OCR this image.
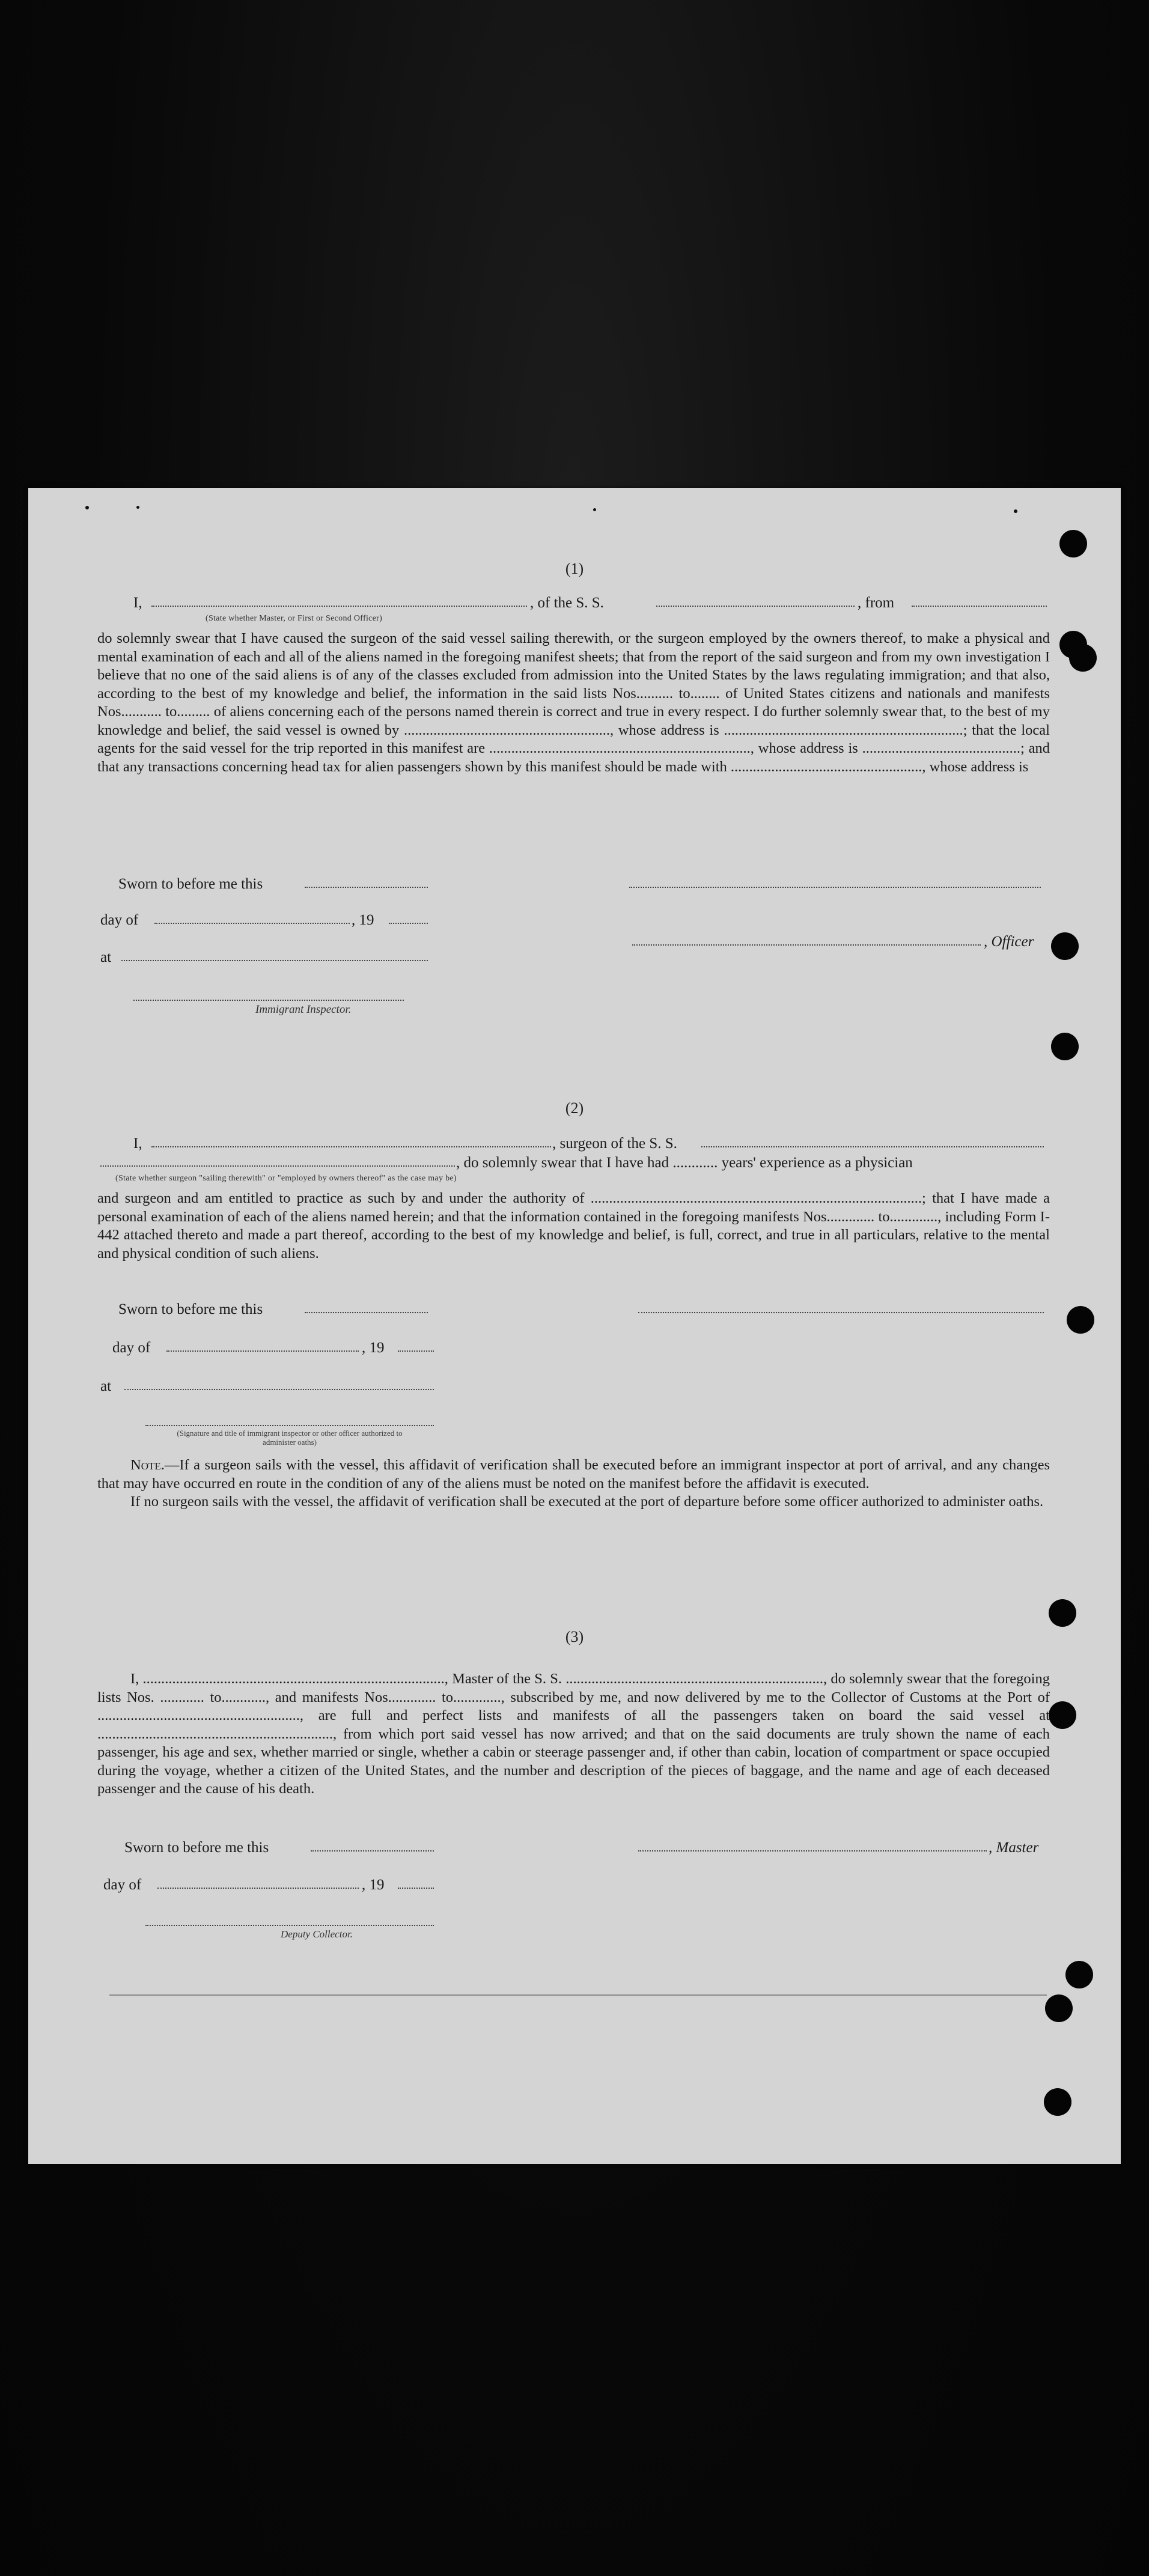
(1)
I,	, of the S. S.	, from
(State whether Master, or First or Second Officer)

do solemnly swear that I have caused the surgeon of the said vessel sailing therewith, or the surgeon employed by the owners thereof, to make a physical and mental examination of each and all of the aliens named in the foregoing manifest sheets; that from the report of the said surgeon and from my own investigation I believe that no one of the said aliens is of any of the classes excluded from admission into the United States by the laws regulating immigration; and that also, according to the best of my knowledge and belief, the information in the said lists Nos.......... to........ of United States citizens and nationals and manifests Nos........... to......... of aliens concerning each of the persons named therein is correct and true in every respect. I do further solemnly swear that, to the best of my knowledge and belief, the said vessel is owned by ........................................................, whose address is .................................................................; that the local agents for the said vessel for the trip reported in this manifest are ......................................................................., whose address is ...........................................; and that any transactions concerning head tax for alien passengers shown by this manifest should be made with ...................................................., whose address is

Sworn to before me this
day of	, 19
, Officer
at
Immigrant Inspector.
(2)
I,	, surgeon of the S. S.
, do solemnly swear that I have had ............ years' experience as a physician
(State whether surgeon "sailing therewith" or "employed by owners thereof" as the case may be)

and surgeon and am entitled to practice as such by and under the authority of ..........................................................................................; that I have made a personal examination of each of the aliens named herein; and that the information contained in the foregoing manifests Nos............. to............., including Form I-442 attached thereto and made a part thereof, according to the best of my knowledge and belief, is full, correct, and true in all particulars, relative to the mental and physical condition of such aliens.

Sworn to before me this
day of	, 19
at
(Signature and title of immigrant inspector or other officer authorized to administer oaths)

Note.—If a surgeon sails with the vessel, this affidavit of verification shall be executed before an immigrant inspector at port of arrival, and any changes that may have occurred en route in the condition of any of the aliens must be noted on the manifest before the affidavit is executed.

If no surgeon sails with the vessel, the affidavit of verification shall be executed at the port of departure before some officer authorized to administer oaths.

(3)

I, .................................................................................., Master of the S. S. ......................................................................, do solemnly swear that the foregoing lists Nos. ............ to............, and manifests Nos............. to............., subscribed by me, and now delivered by me to the Collector of Customs at the Port of ......................................................., are full and perfect lists and manifests of all the passengers taken on board the said vessel at ................................................................, from which port said vessel has now arrived; and that on the said documents are truly shown the name of each passenger, his age and sex, whether married or single, whether a cabin or steerage passenger and, if other than cabin, location of compartment or space occupied during the voyage, whether a citizen of the United States, and the number and description of the pieces of baggage, and the name and age of each deceased passenger and the cause of his death.

Sworn to before me this	, Master
day of	, 19
Deputy Collector.
